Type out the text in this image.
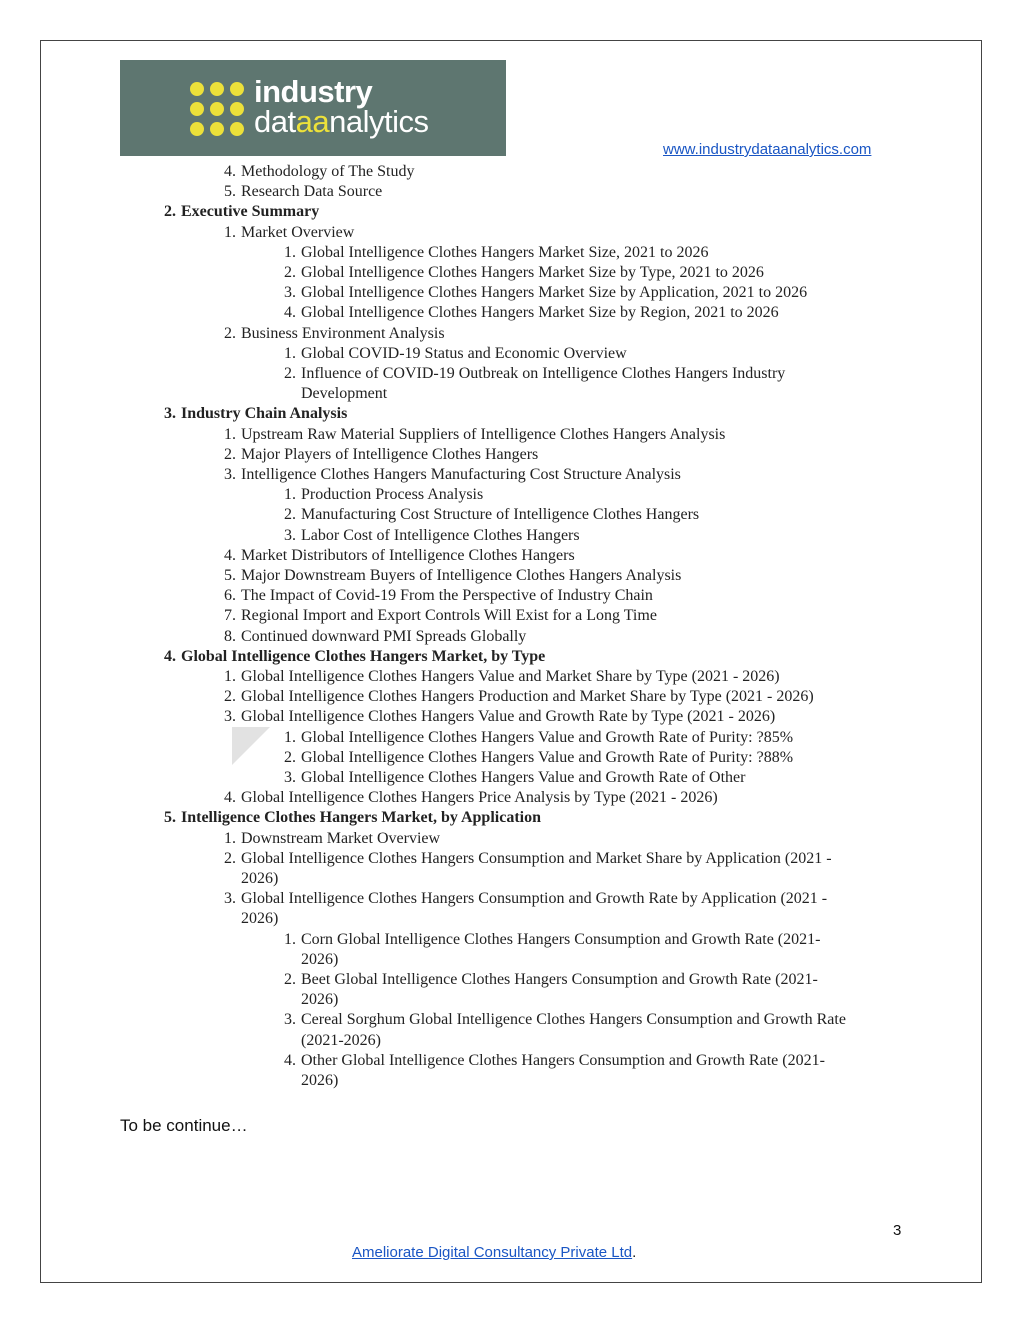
industry
dataanalytics
www.industrydataanalytics.com
4. Methodology of The Study
5. Research Data Source
2. Executive Summary
1. Market Overview
1. Global Intelligence Clothes Hangers Market Size, 2021 to 2026
2. Global Intelligence Clothes Hangers Market Size by Type, 2021 to 2026
3. Global Intelligence Clothes Hangers Market Size by Application, 2021 to 2026
4. Global Intelligence Clothes Hangers Market Size by Region, 2021 to 2026
2. Business Environment Analysis
1. Global COVID-19 Status and Economic Overview
2. Influence of COVID-19 Outbreak on Intelligence Clothes Hangers Industry
Development
3. Industry Chain Analysis
1. Upstream Raw Material Suppliers of Intelligence Clothes Hangers Analysis
2. Major Players of Intelligence Clothes Hangers
3. Intelligence Clothes Hangers Manufacturing Cost Structure Analysis
1. Production Process Analysis
2. Manufacturing Cost Structure of Intelligence Clothes Hangers
3. Labor Cost of Intelligence Clothes Hangers
4. Market Distributors of Intelligence Clothes Hangers
5. Major Downstream Buyers of Intelligence Clothes Hangers Analysis
6. The Impact of Covid-19 From the Perspective of Industry Chain
7. Regional Import and Export Controls Will Exist for a Long Time
8. Continued downward PMI Spreads Globally
4. Global Intelligence Clothes Hangers Market, by Type
1. Global Intelligence Clothes Hangers Value and Market Share by Type (2021 - 2026)
2. Global Intelligence Clothes Hangers Production and Market Share by Type (2021 - 2026)
3. Global Intelligence Clothes Hangers Value and Growth Rate by Type (2021 - 2026)
1. Global Intelligence Clothes Hangers Value and Growth Rate of Purity: ?85%
2. Global Intelligence Clothes Hangers Value and Growth Rate of Purity: ?88%
3. Global Intelligence Clothes Hangers Value and Growth Rate of Other
4. Global Intelligence Clothes Hangers Price Analysis by Type (2021 - 2026)
5. Intelligence Clothes Hangers Market, by Application
1. Downstream Market Overview
2. Global Intelligence Clothes Hangers Consumption and Market Share by Application (2021 -
2026)
3. Global Intelligence Clothes Hangers Consumption and Growth Rate by Application (2021 -
2026)
1. Corn Global Intelligence Clothes Hangers Consumption and Growth Rate (2021-
2026)
2. Beet Global Intelligence Clothes Hangers Consumption and Growth Rate (2021-
2026)
3. Cereal Sorghum Global Intelligence Clothes Hangers Consumption and Growth Rate
(2021-2026)
4. Other Global Intelligence Clothes Hangers Consumption and Growth Rate (2021-
2026)
To be continue…
3
Ameliorate Digital Consultancy Private Ltd.
